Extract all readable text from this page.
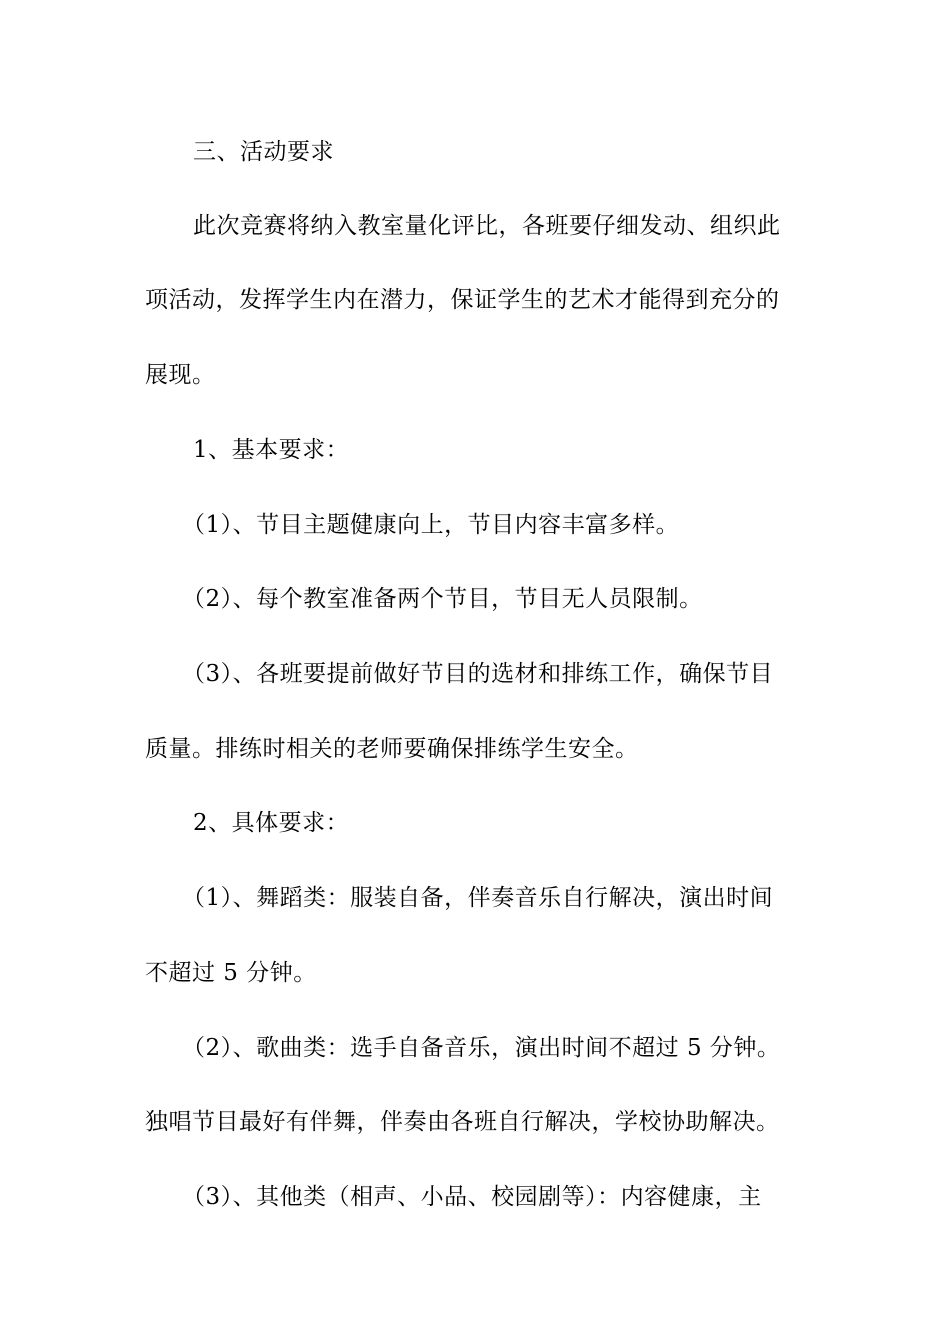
三、活动要求
此次竞赛将纳入教室量化评比，各班要仔细发动、组织此
项活动，发挥学生内在潜力，保证学生的艺术才能得到充分的
展现。
1、基本要求：
（1）、节目主题健康向上，节目内容丰富多样。
（2）、每个教室准备两个节目，节目无人员限制。
（3）、各班要提前做好节目的选材和排练工作，确保节目
质量。排练时相关的老师要确保排练学生安全。
2、具体要求：
（1）、舞蹈类：服装自备，伴奏音乐自行解决，演出时间
不超过 5 分钟。
（2）、歌曲类：选手自备音乐，演出时间不超过 5 分钟。
独唱节目最好有伴舞，伴奏由各班自行解决，学校协助解决。
（3）、其他类（相声、小品、校园剧等）：内容健康，主
